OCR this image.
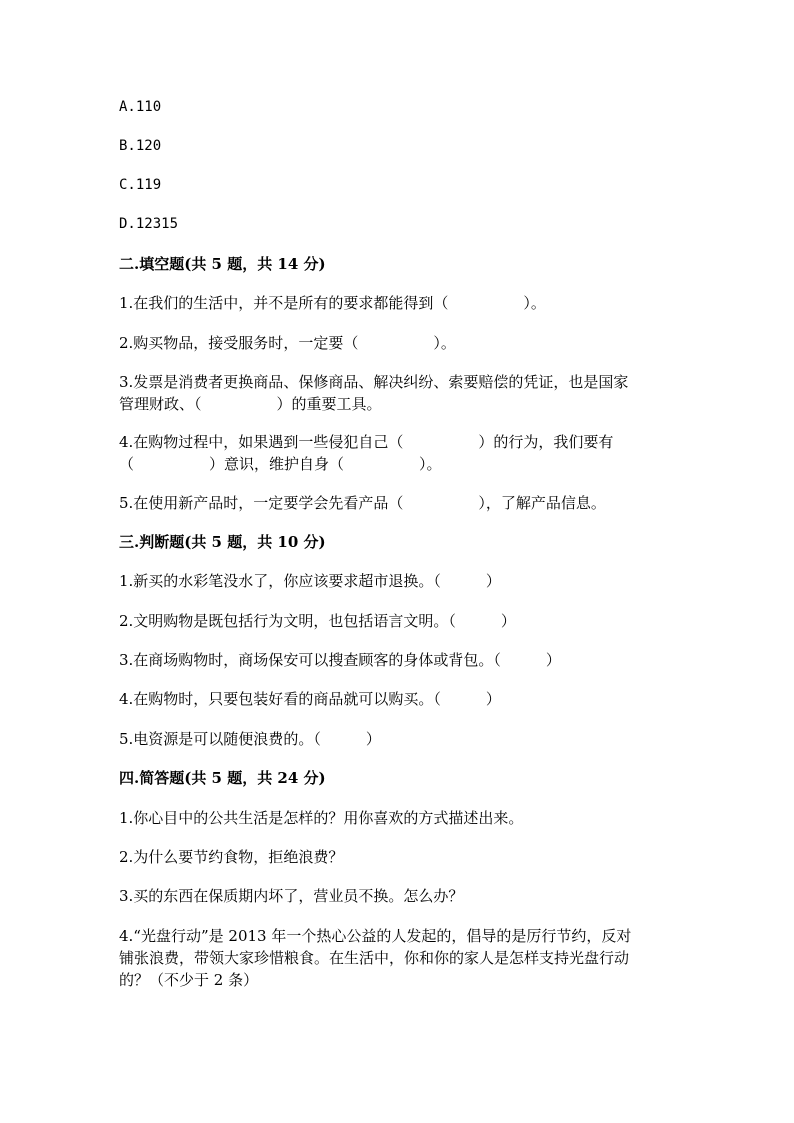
A.110
B.120
C.119
D.12315
二.填空题(共 5 题，共 14 分)
1.在我们的生活中，并不是所有的要求都能得到（　　　　　）。
2.购买物品，接受服务时，一定要（　　　　　）。
3.发票是消费者更换商品、保修商品、解决纠纷、索要赔偿的凭证，也是国家
管理财政、（　　　　　）的重要工具。
4.在购物过程中，如果遇到一些侵犯自己（　　　　　）的行为，我们要有
（　　　　　）意识，维护自身（　　　　　）。
5.在使用新产品时，一定要学会先看产品（　　　　　），了解产品信息。
三.判断题(共 5 题，共 10 分)
1.新买的水彩笔没水了，你应该要求超市退换。（　　　）
2.文明购物是既包括行为文明，也包括语言文明。（　　　）
3.在商场购物时，商场保安可以搜查顾客的身体或背包。（　　　）
4.在购物时，只要包装好看的商品就可以购买。（　　　）
5.电资源是可以随便浪费的。（　　　）
四.简答题(共 5 题，共 24 分)
1.你心目中的公共生活是怎样的？用你喜欢的方式描述出来。
2.为什么要节约食物，拒绝浪费？
3.买的东西在保质期内坏了，营业员不换。怎么办？
4.“光盘行动”是 2013 年一个热心公益的人发起的，倡导的是厉行节约，反对
铺张浪费，带领大家珍惜粮食。在生活中，你和你的家人是怎样支持光盘行动
的？（不少于 2 条）
